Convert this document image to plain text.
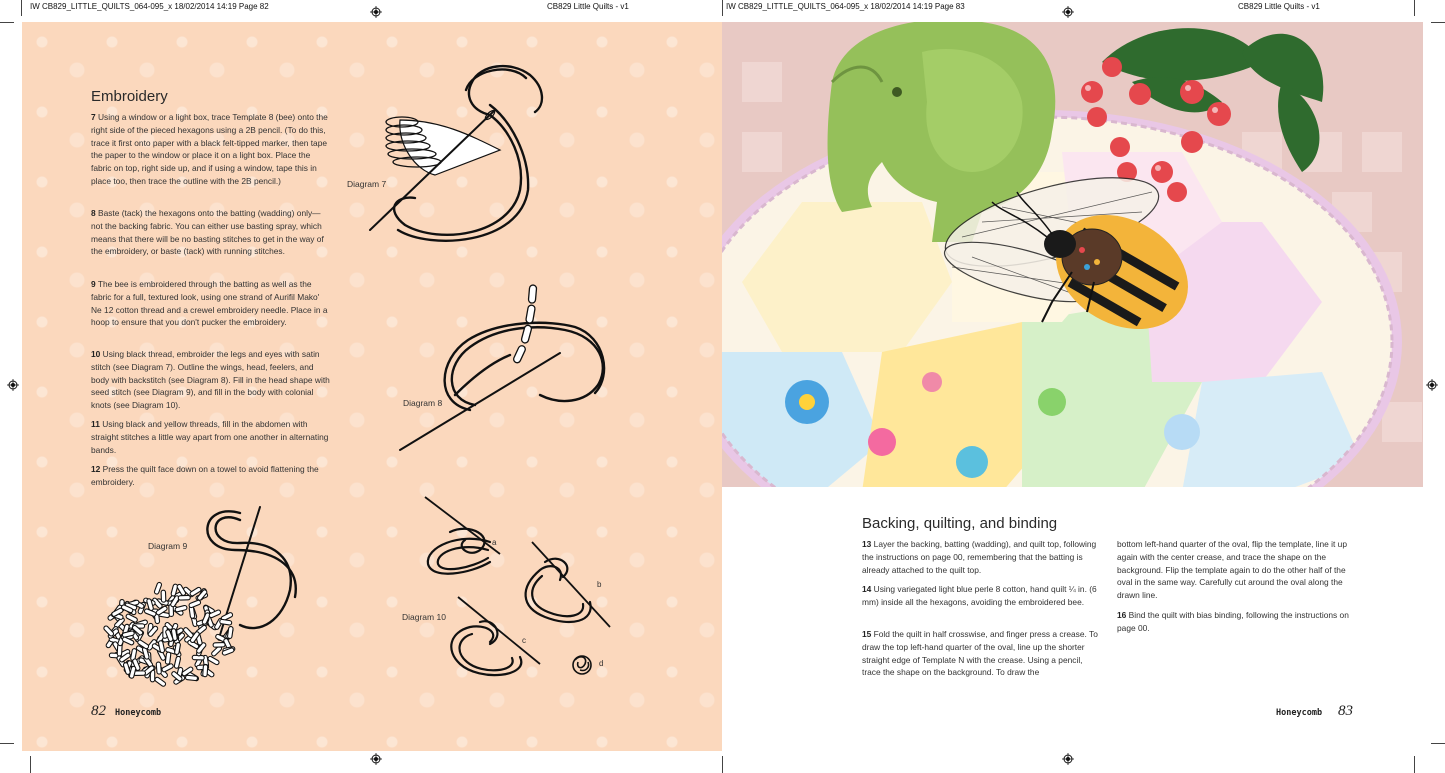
IW CB829_LITTLE_QUILTS_064-095_x 18/02/2014 14:19 Page 82	CB829 Little Quilts - v1	IW CB829_LITTLE_QUILTS_064-095_x 18/02/2014 14:19 Page 83	CB829 Little Quilts - v1
Embroidery

7 Using a window or a light box, trace Template 8 (bee) onto the right side of the pieced hexagons using a 2B pencil. (To do this, trace it first onto paper with a black felt-tipped marker, then tape the paper to the window or place it on a light box. Place the fabric on top, right side up, and if using a window, tape this in place too, then trace the outline with the 2B pencil.)

8 Baste (tack) the hexagons onto the batting (wadding) only—not the backing fabric. You can either use basting spray, which means that there will be no basting stitches to get in the way of the embroidery, or baste (tack) with running stitches.

9 The bee is embroidered through the batting as well as the fabric for a full, textured look, using one strand of Aurifil Mako' Ne 12 cotton thread and a crewel embroidery needle. Place in a hoop to ensure that you don't pucker the embroidery.

10 Using black thread, embroider the legs and eyes with satin stitch (see Diagram 7). Outline the wings, head, feelers, and body with backstitch (see Diagram 8). Fill in the head shape with seed stitch (see Diagram 9), and fill in the body with colonial knots (see Diagram 10).

11 Using black and yellow threads, fill in the abdomen with straight stitches a little way apart from one another in alternating bands.

12 Press the quilt face down on a towel to avoid flattening the embroidery.

Diagram 7
Diagram 8
Diagram 9
Diagram 10
a
b
c
d
82 Honeycomb
Backing, quilting, and binding

13 Layer the backing, batting (wadding), and quilt top, following the instructions on page 00, remembering that the batting is already attached to the quilt top.

14 Using variegated light blue perle 8 cotton, hand quilt ¼ in. (6 mm) inside all the hexagons, avoiding the embroidered bee.

15 Fold the quilt in half crosswise, and finger press a crease. To draw the top left-hand quarter of the oval, line up the shorter straight edge of Template N with the crease. Using a pencil, trace the shape on the background. To draw the

bottom left-hand quarter of the oval, flip the template, line it up again with the center crease, and trace the shape on the background. Flip the template again to do the other half of the oval in the same way. Carefully cut around the oval along the drawn line.

16 Bind the quilt with bias binding, following the instructions on page 00.

Honeycomb 83
